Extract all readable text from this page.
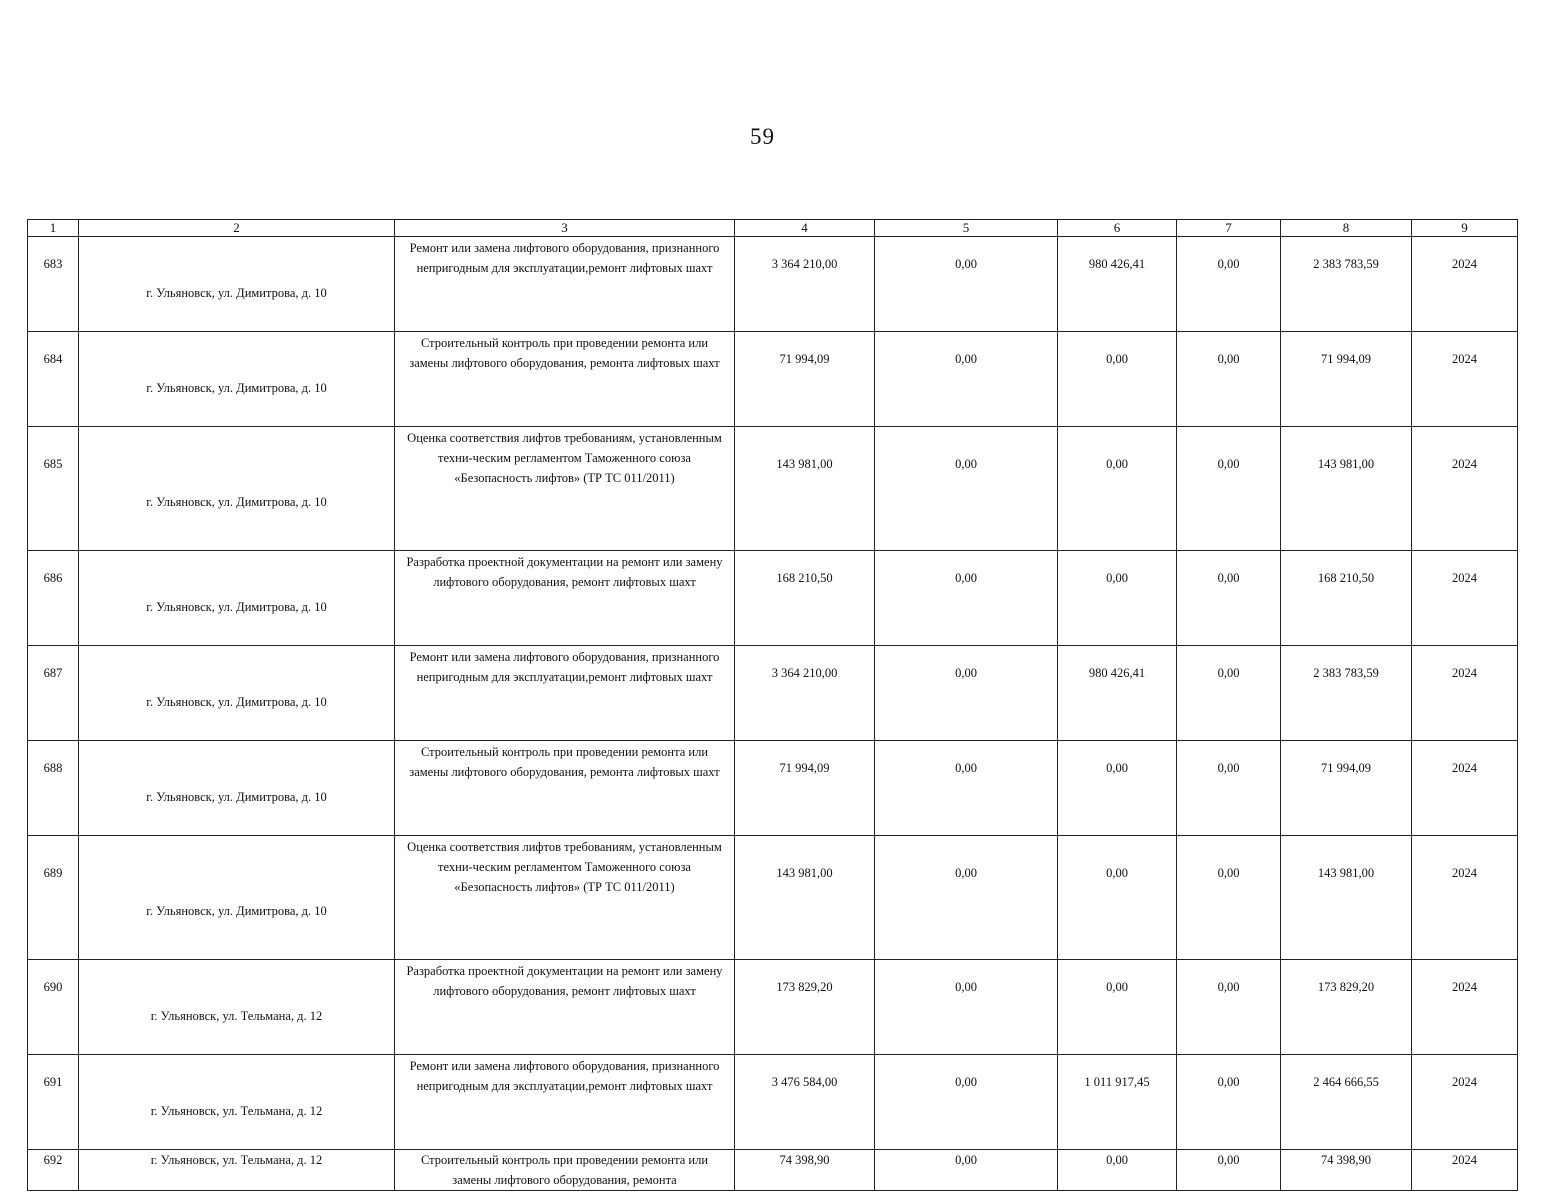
59
1	2	3	4	5	6	7	8	9
683	г. Ульяновск, ул. Димитрова, д. 10	Ремонт или замена лифтового оборудования, признанного непригодным для эксплуатации,ремонт лифтовых шахт	3 364 210,00	0,00	980 426,41	0,00	2 383 783,59	2024
684	г. Ульяновск, ул. Димитрова, д. 10	Строительный контроль при проведении ремонта или замены лифтового оборудования, ремонта лифтовых шахт	71 994,09	0,00	0,00	0,00	71 994,09	2024
685	г. Ульяновск, ул. Димитрова, д. 10	Оценка соответствия лифтов требованиям, установленным техни-ческим регламентом Таможенного союза «Безопасность лифтов» (ТР ТС 011/2011)	143 981,00	0,00	0,00	0,00	143 981,00	2024
686	г. Ульяновск, ул. Димитрова, д. 10	Разработка проектной документации на ремонт или замену лифтового оборудования, ремонт лифтовых шахт	168 210,50	0,00	0,00	0,00	168 210,50	2024
687	г. Ульяновск, ул. Димитрова, д. 10	Ремонт или замена лифтового оборудования, признанного непригодным для эксплуатации,ремонт лифтовых шахт	3 364 210,00	0,00	980 426,41	0,00	2 383 783,59	2024
688	г. Ульяновск, ул. Димитрова, д. 10	Строительный контроль при проведении ремонта или замены лифтового оборудования, ремонта лифтовых шахт	71 994,09	0,00	0,00	0,00	71 994,09	2024
689	г. Ульяновск, ул. Димитрова, д. 10	Оценка соответствия лифтов требованиям, установленным техни-ческим регламентом Таможенного союза «Безопасность лифтов» (ТР ТС 011/2011)	143 981,00	0,00	0,00	0,00	143 981,00	2024
690	г. Ульяновск, ул. Тельмана, д. 12	Разработка проектной документации на ремонт или замену лифтового оборудования, ремонт лифтовых шахт	173 829,20	0,00	0,00	0,00	173 829,20	2024
691	г. Ульяновск, ул. Тельмана, д. 12	Ремонт или замена лифтового оборудования, признанного непригодным для эксплуатации,ремонт лифтовых шахт	3 476 584,00	0,00	1 011 917,45	0,00	2 464 666,55	2024
692	г. Ульяновск, ул. Тельмана, д. 12	Строительный контроль при проведении ремонта или замены лифтового оборудования, ремонта	74 398,90	0,00	0,00	0,00	74 398,90	2024
